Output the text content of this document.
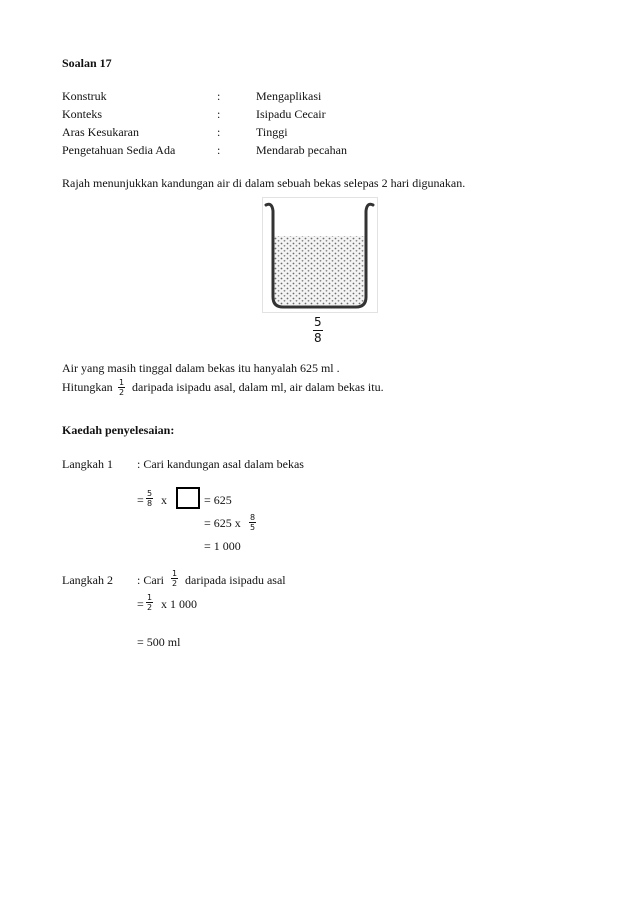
Soalan 17
Konstruk	:	Mengaplikasi
Konteks	:	Isipadu Cecair
Aras Kesukaran	:	Tinggi
Pengetahuan Sedia Ada	:	Mendarab pecahan
Rajah menunjukkan kandungan air di dalam sebuah bekas selepas 2 hari digunakan.
$\frac{5}{8}$
Air yang masih tinggal dalam bekas itu hanyalah 625 ml .
Hitungkan $\frac{1}{2}$ daripada isipadu asal, dalam ml, air dalam bekas itu.
Kaedah penyelesaian:
Langkah 1 : Cari kandungan asal dalam bekas
= $\frac{5}{8}$ x	= 625
= 625 x $\frac{8}{5}$
= 1 000
Langkah 2 : Cari $\frac{1}{2}$ daripada isipadu asal
= $\frac{1}{2}$ x 1 000
= 500 ml
